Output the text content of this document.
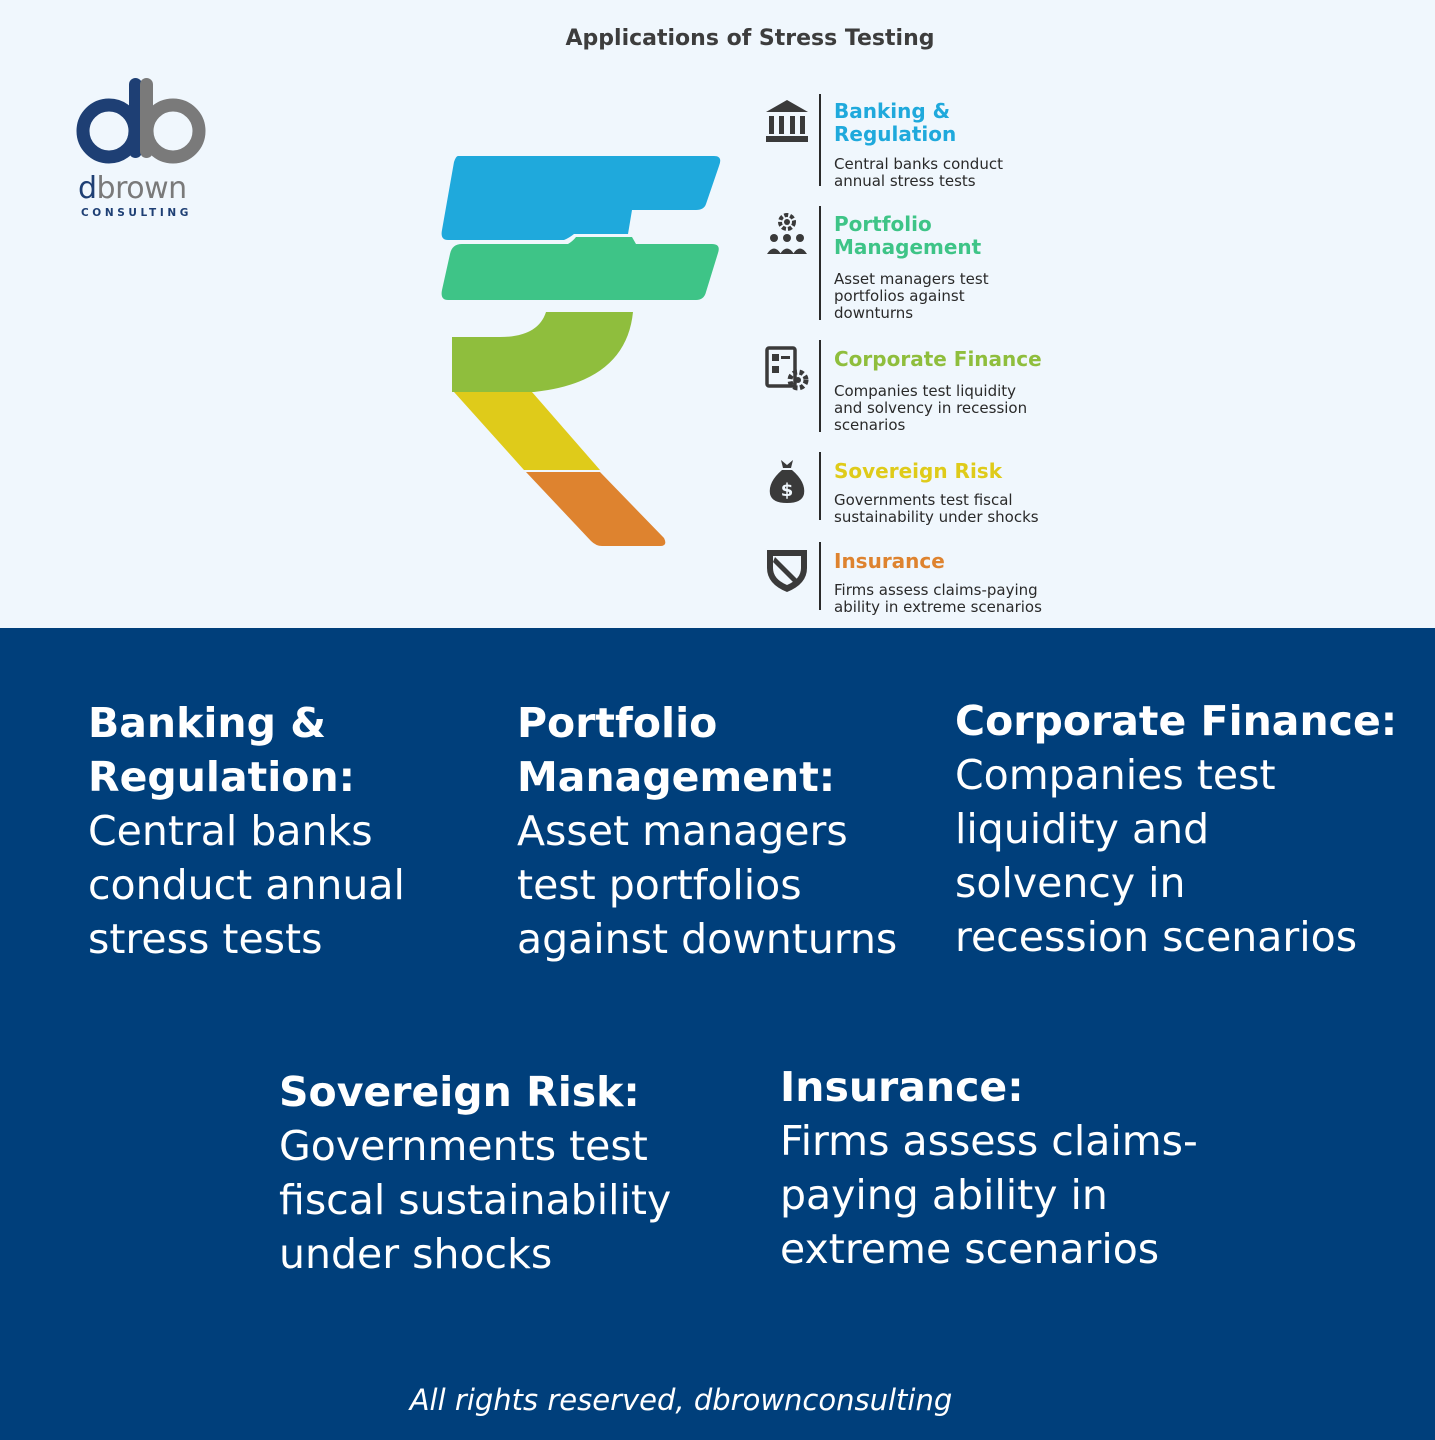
Applications of Stress Testing
dbrown
CONSULTING
Banking &
Regulation
Central banks conduct
annual stress tests
Portfolio
Management
Asset managers test
portfolios against
downturns
Corporate Finance
Companies test liquidity
and solvency in recession
scenarios
$
Sovereign Risk
Governments test fiscal
sustainability under shocks
Insurance
Firms assess claims-paying
ability in extreme scenarios
Banking &
Regulation:
Central banks
conduct annual
stress tests
Portfolio
Management:
Asset managers
test portfolios
against downturns
Corporate Finance:
Companies test
liquidity and
solvency in
recession scenarios
Sovereign Risk:
Governments test
fiscal sustainability
under shocks
Insurance:
Firms assess claims-
paying ability in
extreme scenarios
All rights reserved, dbrownconsulting
